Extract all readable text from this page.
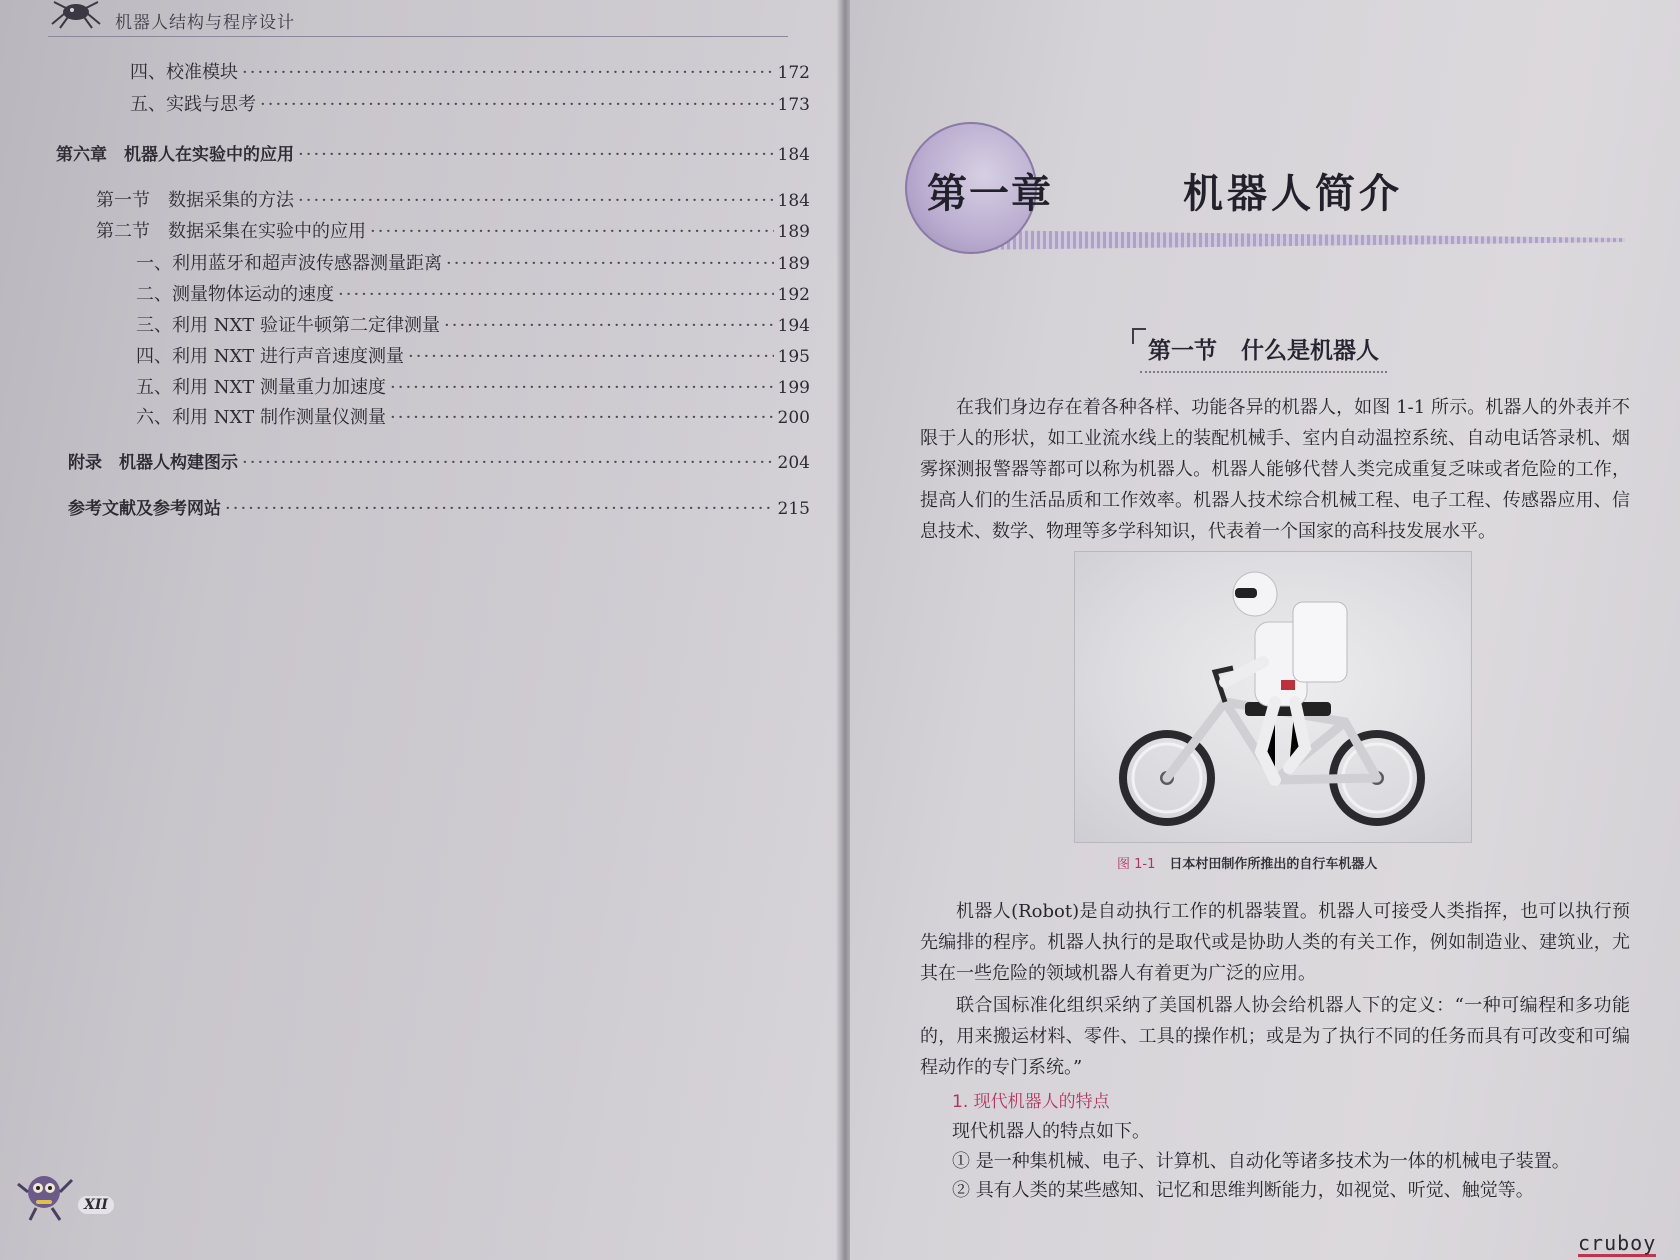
机器人结构与程序设计
四、校准模块 ·····	172
五、实践与思考 ·····	173
第六章　机器人在实验中的应用 ·····	184
第一节　数据采集的方法 ·····	184
第二节　数据采集在实验中的应用 ·····	189
一、利用蓝牙和超声波传感器测量距离 ·····	189
二、测量物体运动的速度 ·····	192
三、利用 NXT 验证牛顿第二定律测量 ·····	194
四、利用 NXT 进行声音速度测量 ·····	195
五、利用 NXT 测量重力加速度 ·····	199
六、利用 NXT 制作测量仪测量 ·····	200
附录　机器人构建图示 ·····	204
参考文献及参考网站 ·····	215
XII
第一章	机器人简介
第一节 什么是机器人
在我们身边存在着各种各样、功能各异的机器人，如图 1-1 所示。机器人的外表并不限于人的形状，如工业流水线上的装配机械手、室内自动温控系统、自动电话答录机、烟雾探测报警器等都可以称为机器人。机器人能够代替人类完成重复乏味或者危险的工作，提高人们的生活品质和工作效率。机器人技术综合机械工程、电子工程、传感器应用、信息技术、数学、物理等多学科知识，代表着一个国家的高科技发展水平。
图 1-1 日本村田制作所推出的自行车机器人
机器人(Robot)是自动执行工作的机器装置。机器人可接受人类指挥，也可以执行预先编排的程序。机器人执行的是取代或是协助人类的有关工作，例如制造业、建筑业，尤其在一些危险的领域机器人有着更为广泛的应用。
联合国标准化组织采纳了美国机器人协会给机器人下的定义：“一种可编程和多功能的，用来搬运材料、零件、工具的操作机；或是为了执行不同的任务而具有可改变和可编程动作的专门系统。”
1. 现代机器人的特点
现代机器人的特点如下。
① 是一种集机械、电子、计算机、自动化等诸多技术为一体的机械电子装置。
② 具有人类的某些感知、记忆和思维判断能力，如视觉、听觉、触觉等。
cruboy
